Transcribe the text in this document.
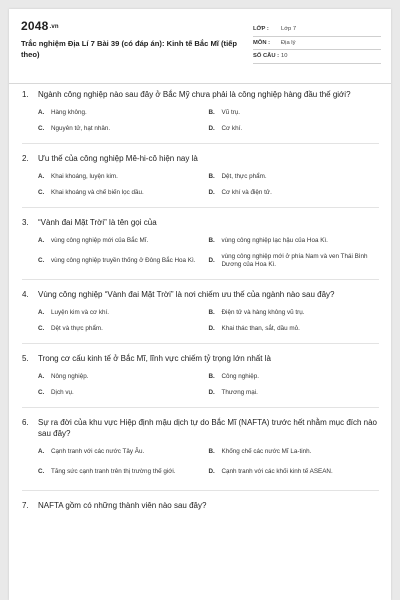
2048.vn
Trắc nghiệm Địa Lí 7 Bài 39 (có đáp án): Kinh tế Bắc Mĩ (tiếp theo)
LỚP :	Lớp 7
MÔN :	Địa lý
SỐ CÂU : 10
1.	Ngành công nghiệp nào sau đây ở Bắc Mỹ chưa phải là công nghiệp hàng đầu thế giới?
A.	Hàng không.	B.	Vũ trụ.
C.	Nguyên tử, hạt nhân.	D.	Cơ khí.
2.	Ưu thế của công nghiệp Mê-hi-cô hiện nay là
A.	Khai khoáng, luyện kim.	B.	Dệt, thực phẩm.
C.	Khai khoáng và chế biến lọc dầu.	D.	Cơ khí và điện tử.
3.	“Vành đai Mặt Trời” là tên gọi của
A.	vùng công nghiệp mới của Bắc Mĩ.	B.	vùng công nghiệp lạc hậu của Hoa Kì.
C.	vùng công nghiệp truyền thống ở Đông Bắc Hoa Kì.	D.
vùng công nghiệp mới ở phía Nam và ven Thái Bình Dương của Hoa Kì.
4.	Vùng công nghiệp “Vành đai Mặt Trời” là nơi chiếm ưu thế của ngành nào sau đây?
A.	Luyện kim và cơ khí.	B.	Điện tử và hàng không vũ trụ.
C.	Dệt và thực phẩm.	D.	Khai thác than, sắt, dầu mỏ.
5.	Trong cơ cấu kinh tế ở Bắc Mĩ, lĩnh vực chiếm tỷ trọng lớn nhất là
A.	Nông nghiệp.	B.	Công nghiệp.
C.	Dịch vụ.	D.	Thương mại.
6.	Sự ra đời của khu vực Hiệp định mậu dịch tự do Bắc Mĩ (NAFTA) trước hết nhằm mục đích nào sau đây?
A.	Cạnh tranh với các nước Tây Âu.	B.	Khống chế các nước Mĩ La-tinh.
C.	Tăng sức cạnh tranh trên thị trường thế giới.	D.	Cạnh tranh với các khối kinh tế ASEAN.
7.	NAFTA gồm có những thành viên nào sau đây?
